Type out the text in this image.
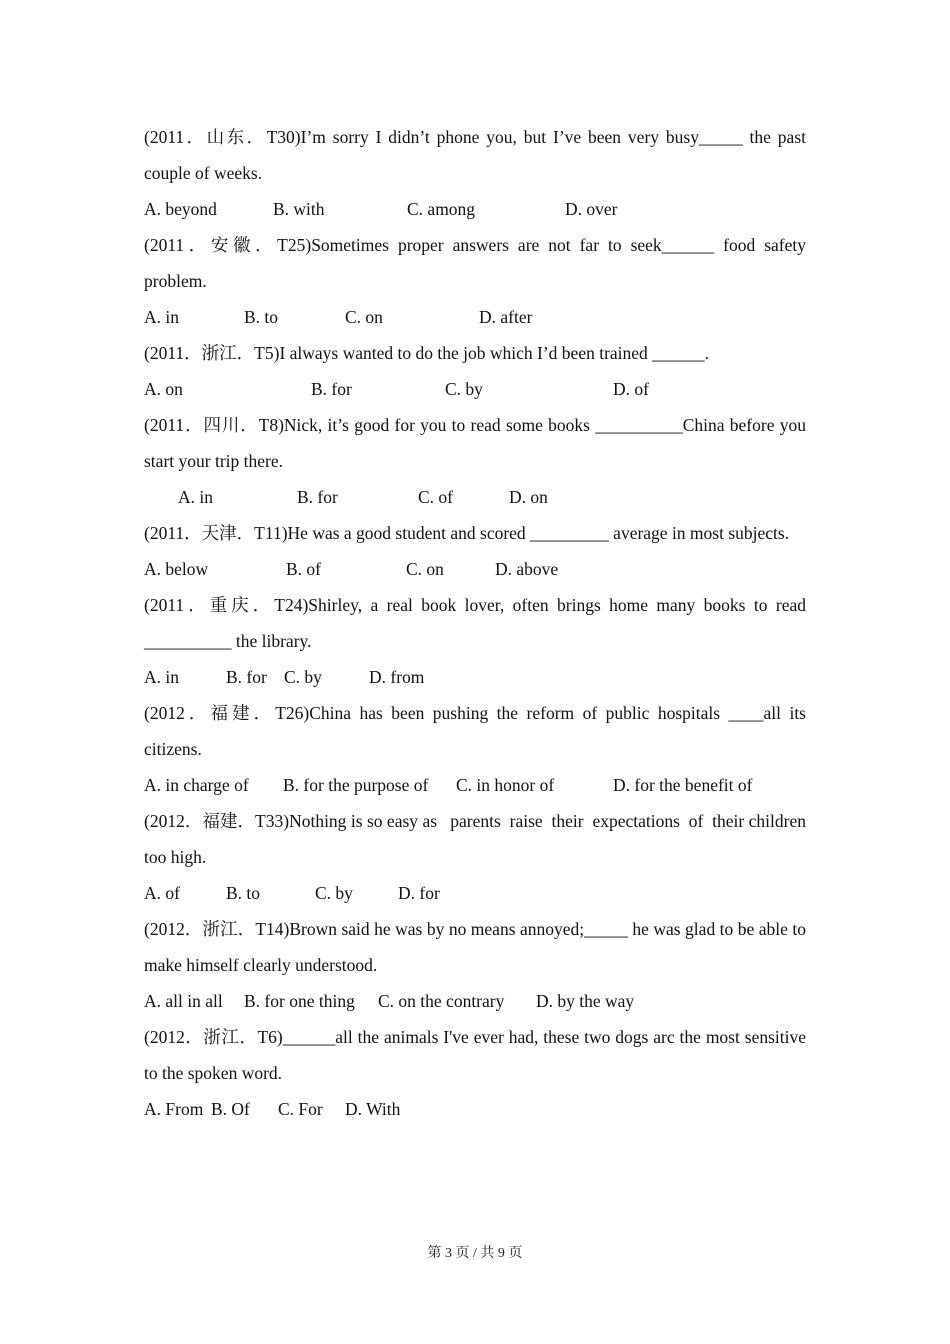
(2011．山东．T30)I’m sorry I didn’t phone you, but I’ve been very busy_____ the past couple of weeks.

A. beyond	B. with	C. among	D. over

(2011．安徽．T25)Sometimes proper answers are not far to seek______ food safety problem.

A. in	B. to	C. on	D. after

(2011．浙江．T5)I always wanted to do the job which I’d been trained ______.

A. on	B. for	C. by	D. of

(2011．四川．T8)Nick, it’s good for you to read some books __________China before you start your trip there.

A. in	B. for	C. of	D. on

(2011．天津．T11)He was a good student and scored _________ average in most subjects.

A. below	B. of	C. on	D. above

(2011．重庆．T24)Shirley, a real book lover, often brings home many books to read __________ the library.

A. in	B. for C. by	D. from

(2012．福建．T26)China has been pushing the reform of public hospitals ____all its citizens.

A. in charge of B. for the purpose of C. in honor of	D. for the benefit of

(2012．福建．T33)Nothing is so easy as   parents  raise  their  expectations  of  their children too high.

A. of	B. to	C. by	D. for

(2012．浙江．T14)Brown said he was by no means annoyed;_____ he was glad to be able to make himself clearly understood.

A. all in all B. for one thing C. on the contrary D. by the way

(2012．浙江．T6)______all the animals I've ever had, these two dogs arc the most sensitive to the spoken word.

A. From B. Of C. For D. With
第 3 页 / 共 9 页
